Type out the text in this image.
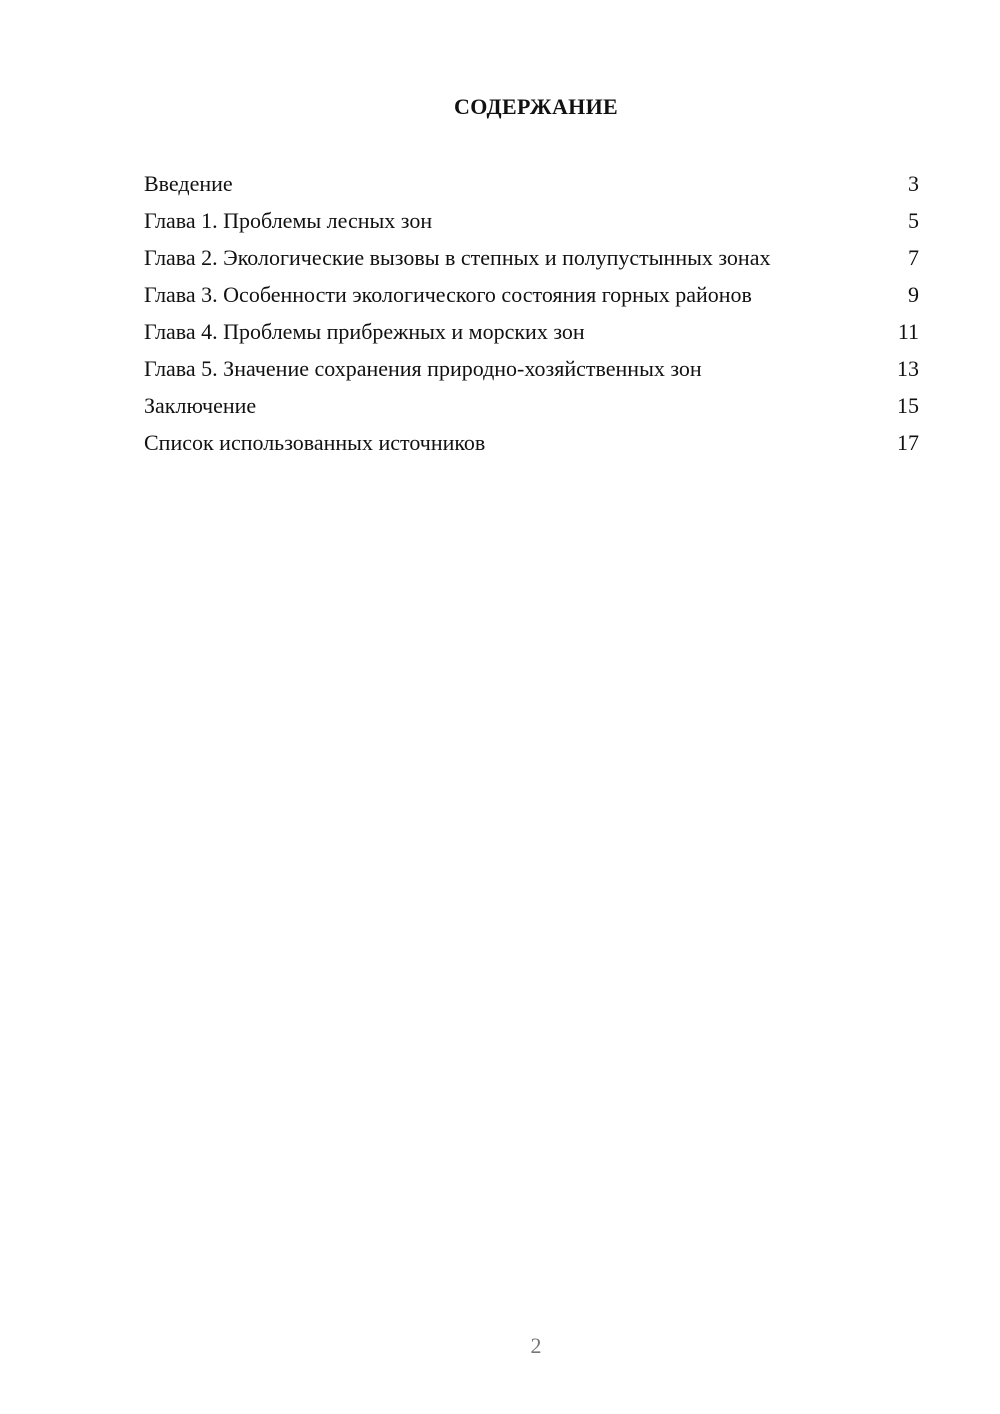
СОДЕРЖАНИЕ
Введение	3
Глава 1. Проблемы лесных зон	5
Глава 2. Экологические вызовы в степных и полупустынных зонах	7
Глава 3. Особенности экологического состояния горных районов	9
Глава 4. Проблемы прибрежных и морских зон	11
Глава 5. Значение сохранения природно-хозяйственных зон	13
Заключение	15
Список использованных источников	17
2
